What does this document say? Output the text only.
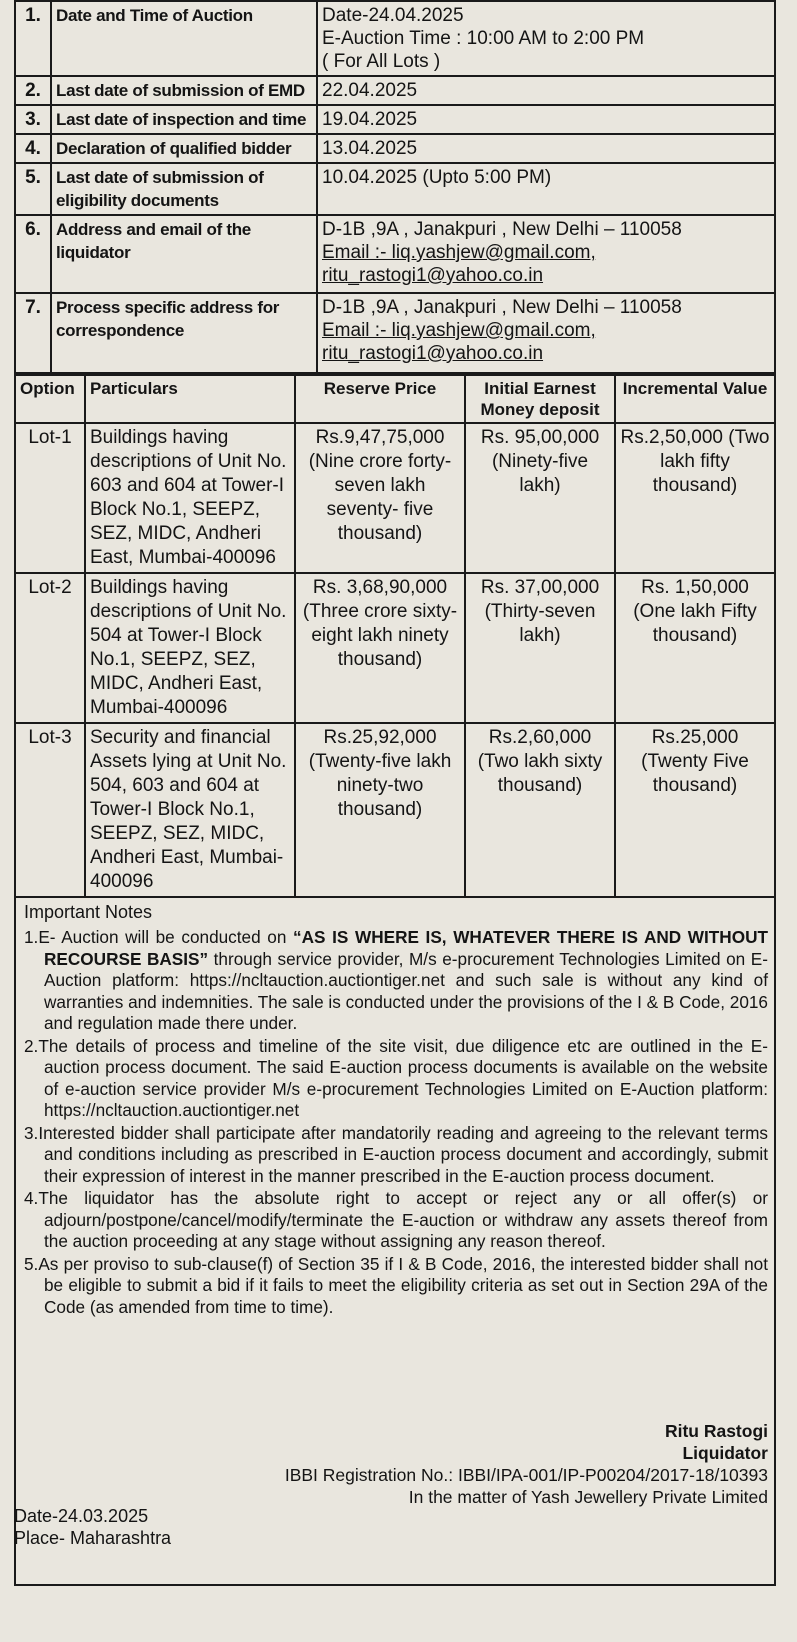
1.	Date and Time of Auction	Date-24.04.2025
E-Auction Time : 10:00 AM to 2:00 PM
( For All Lots )

2.	Last date of submission of EMD	22.04.2025

3.	Last date of inspection and time	19.04.2025

4.	Declaration of qualified bidder	13.04.2025

5.	Last date of submission of eligibility documents	10.04.2025 (Upto 5:00 PM)

6.	Address and email of the liquidator	D-1B ,9A , Janakpuri , New Delhi – 110058
Email :- liq.yashjew@gmail.com,
ritu_rastogi1@yahoo.co.in

7.	Process specific address for correspondence	D-1B ,9A , Janakpuri , New Delhi – 110058
Email :- liq.yashjew@gmail.com,
ritu_rastogi1@yahoo.co.in
Option	Particulars	Reserve Price	Initial Earnest Money deposit	Incremental Value
Lot-1	Buildings having descriptions of Unit No. 603 and 604 at Tower-I Block No.1, SEEPZ, SEZ, MIDC, Andheri East, Mumbai-400096	Rs.9,47,75,000 (Nine crore forty-seven lakh seventy- five thousand)	Rs. 95,00,000 (Ninety-five lakh)	Rs.2,50,000 (Two lakh fifty thousand)
Lot-2	Buildings having descriptions of Unit No. 504 at Tower-I Block No.1, SEEPZ, SEZ, MIDC, Andheri East, Mumbai-400096	Rs. 3,68,90,000 (Three crore sixty-eight lakh ninety thousand)	Rs. 37,00,000 (Thirty-seven lakh)	Rs. 1,50,000 (One lakh Fifty thousand)
Lot-3	Security and financial Assets lying at Unit No. 504, 603 and 604 at Tower-I Block No.1, SEEPZ, SEZ, MIDC, Andheri East, Mumbai-400096	Rs.25,92,000 (Twenty-five lakh ninety-two thousand)	Rs.2,60,000 (Two lakh sixty thousand)	Rs.25,000 (Twenty Five thousand)
Important Notes
1.E- Auction will be conducted on “AS IS WHERE IS, WHATEVER THERE IS AND WITHOUT RECOURSE BASIS” through service provider, M/s e-procurement Technologies Limited on E-Auction platform: https://ncltauction.auctiontiger.net and such sale is without any kind of warranties and indemnities. The sale is conducted under the provisions of the I & B Code, 2016 and regulation made there under.
2.The details of process and timeline of the site visit, due diligence etc are outlined in the E-auction process document. The said E-auction process documents is available on the website of e-auction service provider M/s e-procurement Technologies Limited on E-Auction platform: https://ncltauction.auctiontiger.net
3.Interested bidder shall participate after mandatorily reading and agreeing to the relevant terms and conditions including as prescribed in E-auction process document and accordingly, submit their expression of interest in the manner prescribed in the E-auction process document.
4.The liquidator has the absolute right to accept or reject any or all offer(s) or adjourn/postpone/cancel/modify/terminate the E-auction or withdraw any assets thereof from the auction proceeding at any stage without assigning any reason thereof.
5.As per proviso to sub-clause(f) of Section 35 if I & B Code, 2016, the interested bidder shall not be eligible to submit a bid if it fails to meet the eligibility criteria as set out in Section 29A of the Code (as amended from time to time).
Ritu Rastogi
Liquidator
IBBI Registration No.: IBBI/IPA-001/IP-P00204/2017-18/10393
In the matter of Yash Jewellery Private Limited
Date-24.03.2025
Place- Maharashtra
